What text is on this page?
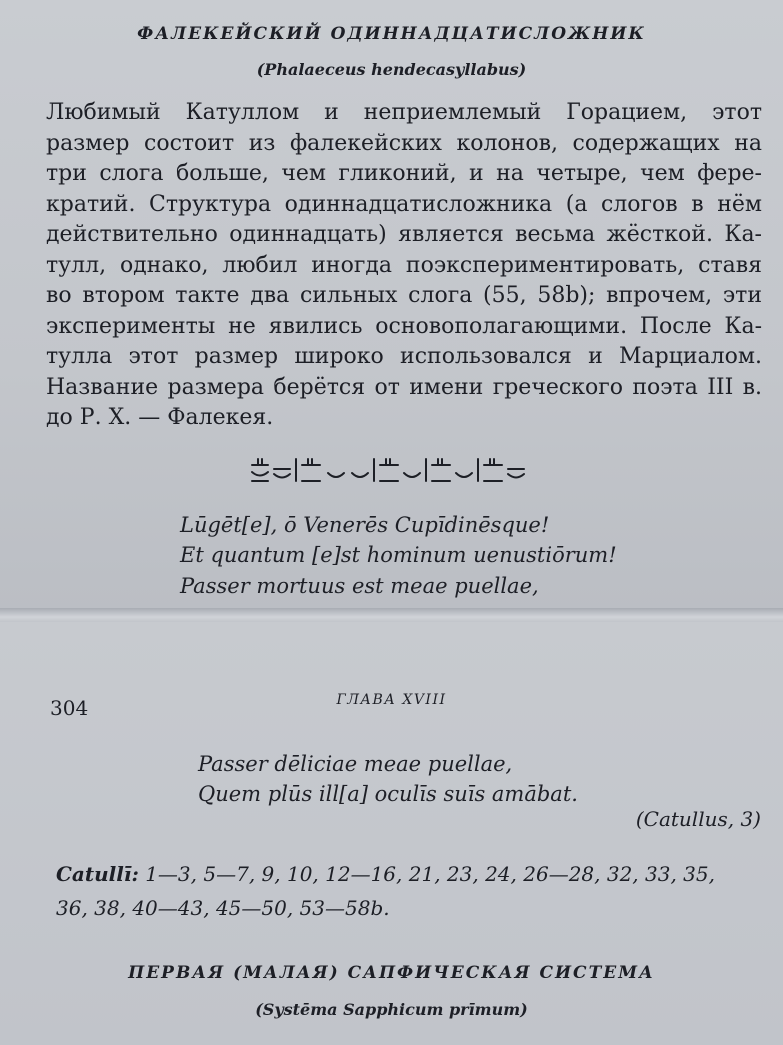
ФАЛЕКЕЙСКИЙ ОДИННАДЦАТИСЛОЖНИК
(Phalaeceus hendecasyllabus)
Любимый Катуллом и неприемлемый Горацием, этот
размер состоит из фалекейских колонов, содержащих на
три слога больше, чем гликоний, и на четыре, чем фере-
кратий. Структура одиннадцатисложника (а слогов в нём
действительно одиннадцать) является весьма жёсткой. Ка-
тулл, однако, любил иногда поэкспериментировать, ставя
во втором такте два сильных слога (55, 58b); впрочем, эти
эксперименты не явились основополагающими. После Ка-
тулла этот размер широко использовался и Марциалом.
Название размера берётся от имени греческого поэта III в.
до Р. Х. — Фалекея.
Lūgēt[e], ō Venerēs Cupīdinēsque!
Et quantum [e]st hominum uenustiōrum!
Passer mortuus est meae puellae,
304	ГЛАВА XVIII
Passer dēliciae meae puellae,
Quem plūs ill[a] oculīs suīs amābat.
(Catullus, 3)
Catullī: 1—3, 5—7, 9, 10, 12—16, 21, 23, 24, 26—28, 32, 33, 35,
36, 38, 40—43, 45—50, 53—58b.
ПЕРВАЯ (МАЛАЯ) САПФИЧЕСКАЯ СИСТЕМА
(Systēma Sapphicum prīmum)
